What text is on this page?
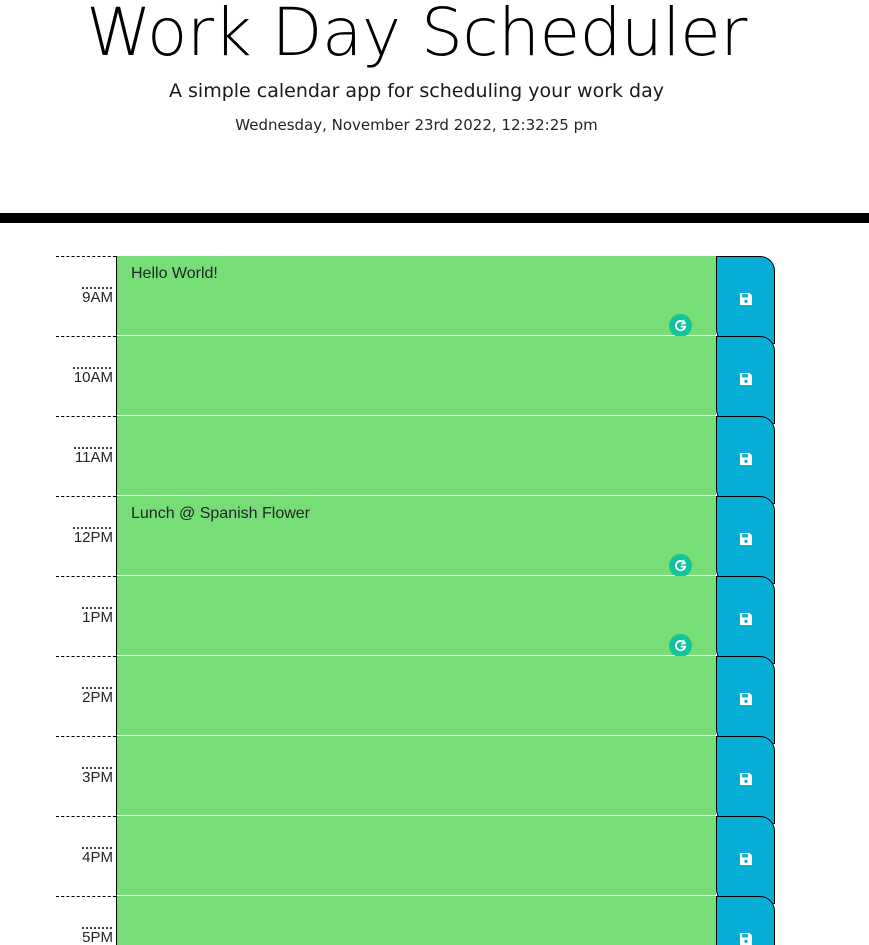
Work Day Scheduler

A simple calendar app for scheduling your work day

Wednesday, November 23rd 2022, 12:32:25 pm

9AM
Hello World!
10AM
11AM
12PM
Lunch @ Spanish Flower
1PM
2PM
3PM
4PM
5PM
